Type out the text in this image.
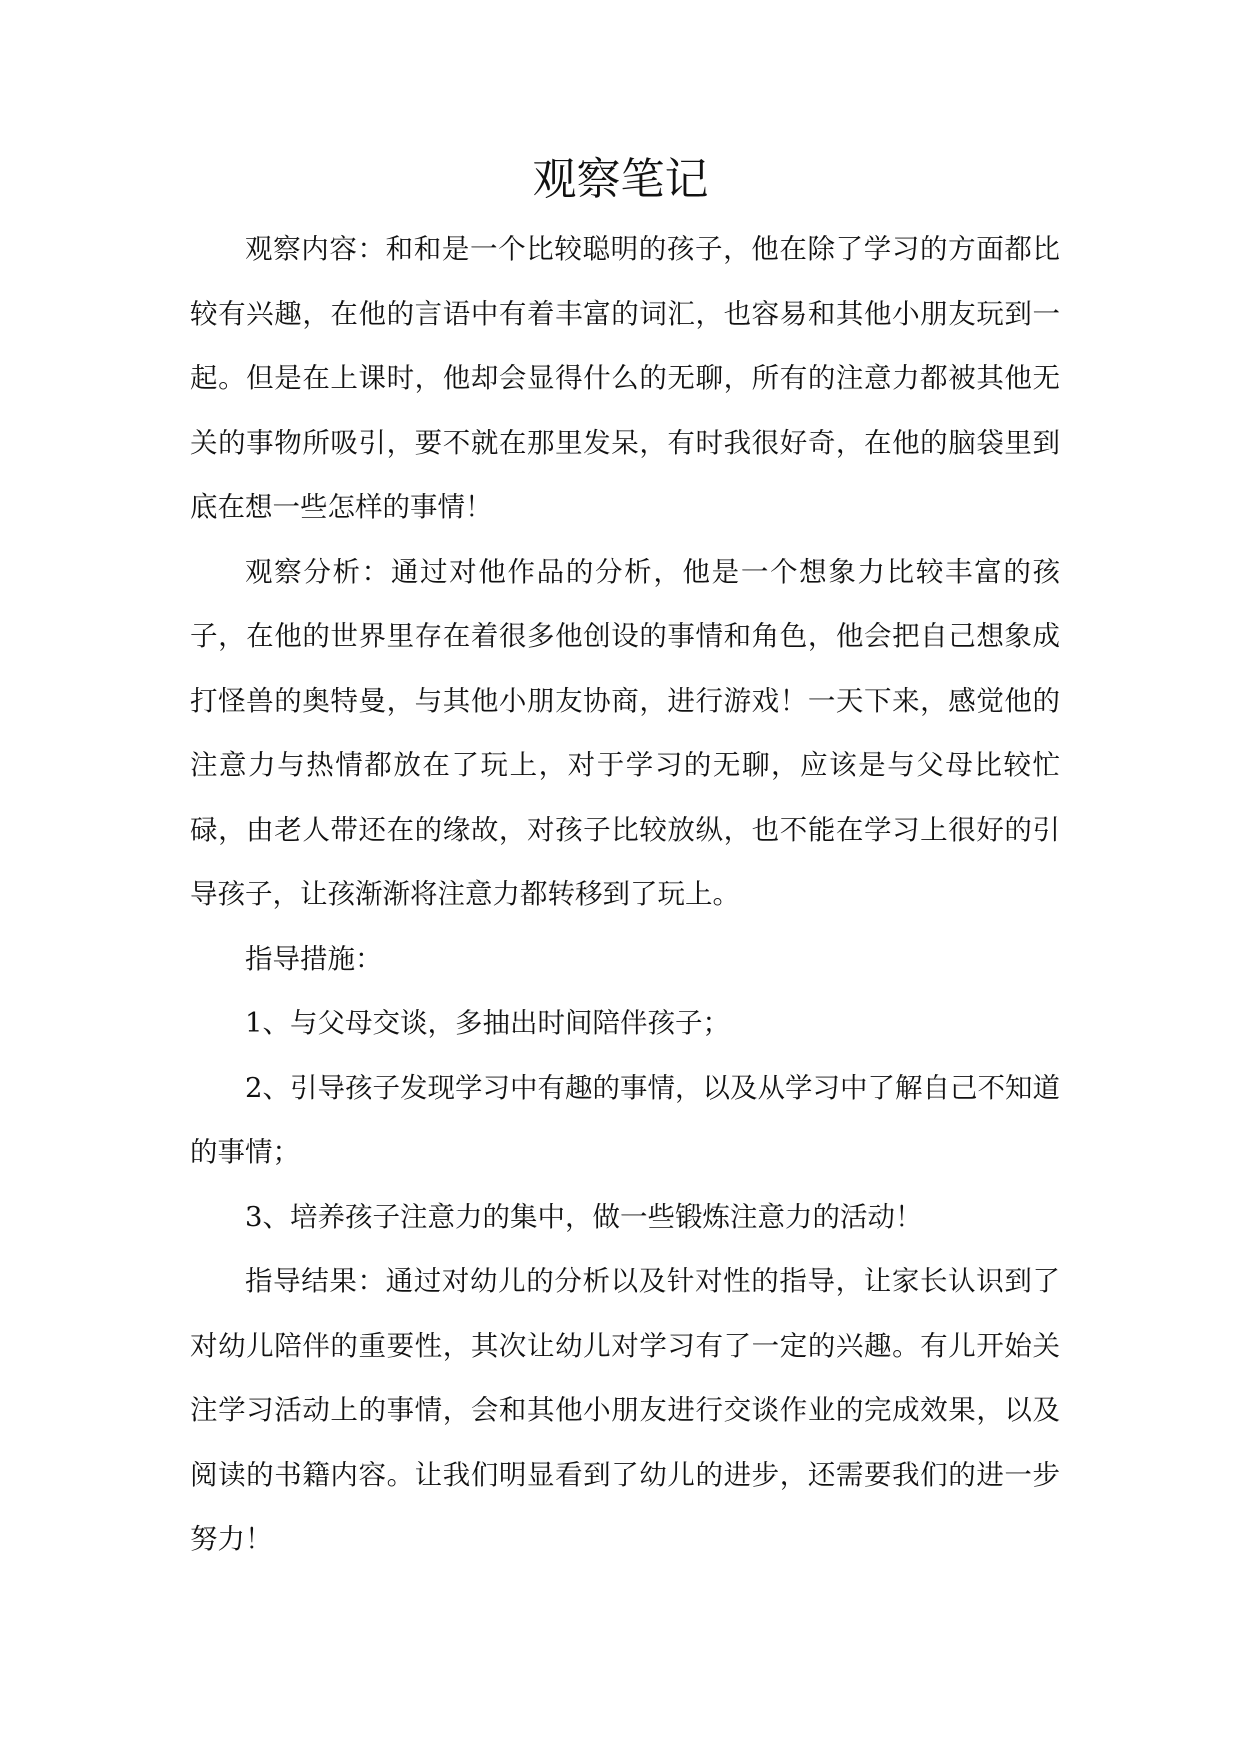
观察笔记

观察内容：和和是一个比较聪明的孩子，他在除了学习的方面都比较有兴趣，在他的言语中有着丰富的词汇，也容易和其他小朋友玩到一起。但是在上课时，他却会显得什么的无聊，所有的注意力都被其他无关的事物所吸引，要不就在那里发呆，有时我很好奇，在他的脑袋里到底在想一些怎样的事情！

观察分析：通过对他作品的分析，他是一个想象力比较丰富的孩子，在他的世界里存在着很多他创设的事情和角色，他会把自己想象成打怪兽的奥特曼，与其他小朋友协商，进行游戏！一天下来，感觉他的注意力与热情都放在了玩上，对于学习的无聊，应该是与父母比较忙碌，由老人带还在的缘故，对孩子比较放纵，也不能在学习上很好的引导孩子，让孩渐渐将注意力都转移到了玩上。

指导措施：

1、与父母交谈，多抽出时间陪伴孩子；

2、引导孩子发现学习中有趣的事情，以及从学习中了解自己不知道的事情；

3、培养孩子注意力的集中，做一些锻炼注意力的活动！

指导结果：通过对幼儿的分析以及针对性的指导，让家长认识到了对幼儿陪伴的重要性，其次让幼儿对学习有了一定的兴趣。有儿开始关注学习活动上的事情，会和其他小朋友进行交谈作业的完成效果，以及阅读的书籍内容。让我们明显看到了幼儿的进步，还需要我们的进一步努力！
